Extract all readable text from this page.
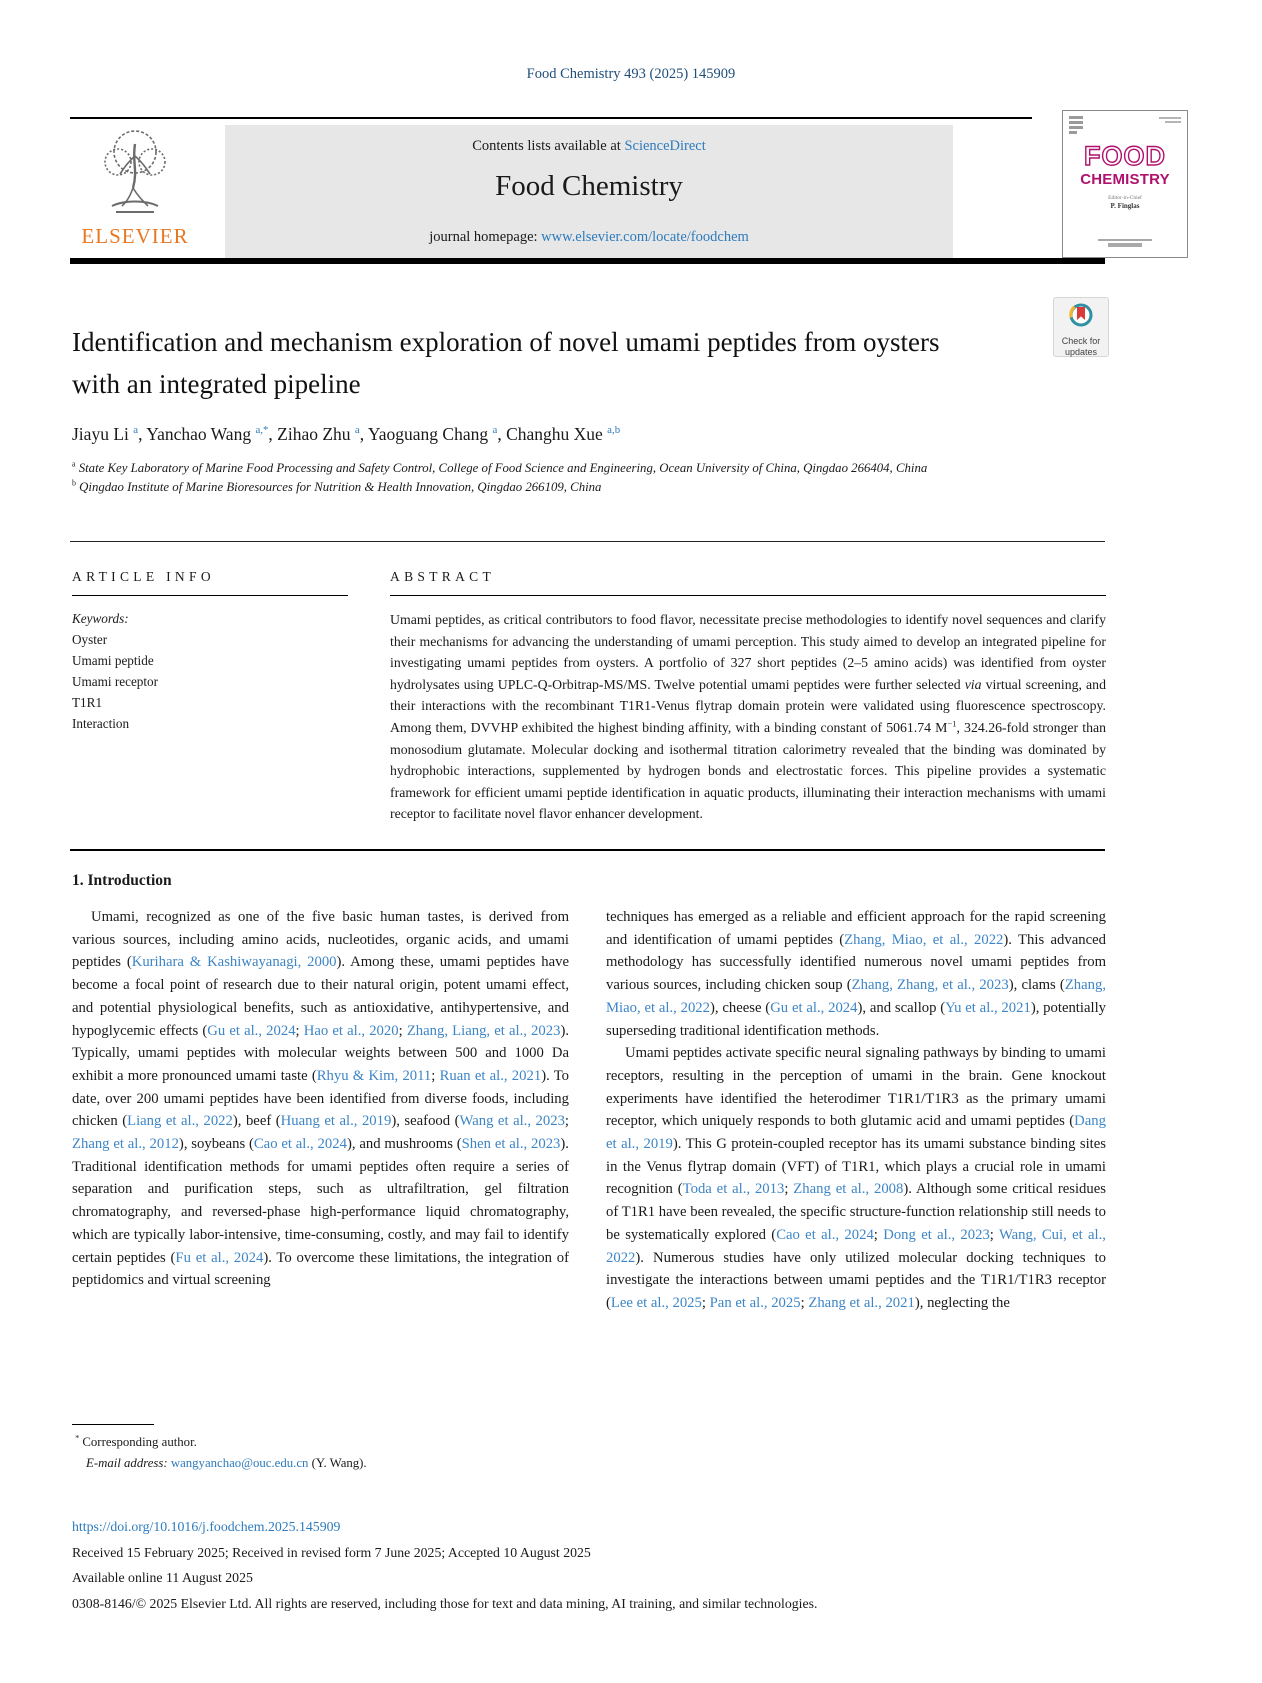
Food Chemistry 493 (2025) 145909
ELSEVIER
Contents lists available at ScienceDirect
Food Chemistry
journal homepage: www.elsevier.com/locate/foodchem
FOOD
CHEMISTRY
Editor-in-Chief
P. Finglas
Identification and mechanism exploration of novel umami peptides from oysters with an integrated pipeline
Check for
updates
Jiayu Li $^a$, Yanchao Wang $^{a,*}$, Zihao Zhu $^a$, Yaoguang Chang $^a$, Changhu Xue $^{a,b}$
$^a$ State Key Laboratory of Marine Food Processing and Safety Control, College of Food Science and Engineering, Ocean University of China, Qingdao 266404, China
$^b$ Qingdao Institute of Marine Bioresources for Nutrition & Health Innovation, Qingdao 266109, China
ARTICLE INFO
Keywords:
Oyster
Umami peptide
Umami receptor
T1R1
Interaction
ABSTRACT
Umami peptides, as critical contributors to food flavor, necessitate precise methodologies to identify novel sequences and clarify their mechanisms for advancing the understanding of umami perception. This study aimed to develop an integrated pipeline for investigating umami peptides from oysters. A portfolio of 327 short peptides (2–5 amino acids) was identified from oyster hydrolysates using UPLC-Q-Orbitrap-MS/MS. Twelve potential umami peptides were further selected via virtual screening, and their interactions with the recombinant T1R1-Venus flytrap domain protein were validated using fluorescence spectroscopy. Among them, DVVHP exhibited the highest binding affinity, with a binding constant of 5061.74 $M^{-1}$, 324.26-fold stronger than monosodium glutamate. Molecular docking and isothermal titration calorimetry revealed that the binding was dominated by hydrophobic interactions, supplemented by hydrogen bonds and electrostatic forces. This pipeline provides a systematic framework for efficient umami peptide identification in aquatic products, illuminating their interaction mechanisms with umami receptor to facilitate novel flavor enhancer development.
1. Introduction
Umami, recognized as one of the five basic human tastes, is derived from various sources, including amino acids, nucleotides, organic acids, and umami peptides (Kurihara & Kashiwayanagi, 2000). Among these, umami peptides have become a focal point of research due to their natural origin, potent umami effect, and potential physiological benefits, such as antioxidative, antihypertensive, and hypoglycemic effects (Gu et al., 2024; Hao et al., 2020; Zhang, Liang, et al., 2023). Typically, umami peptides with molecular weights between 500 and 1000 Da exhibit a more pronounced umami taste (Rhyu & Kim, 2011; Ruan et al., 2021). To date, over 200 umami peptides have been identified from diverse foods, including chicken (Liang et al., 2022), beef (Huang et al., 2019), seafood (Wang et al., 2023; Zhang et al., 2012), soybeans (Cao et al., 2024), and mushrooms (Shen et al., 2023). Traditional identification methods for umami peptides often require a series of separation and purification steps, such as ultrafiltration, gel filtration chromatography, and reversed-phase high-performance liquid chromatography, which are typically labor-intensive, time-consuming, costly, and may fail to identify certain peptides (Fu et al., 2024). To overcome these limitations, the integration of peptidomics and virtual screening
techniques has emerged as a reliable and efficient approach for the rapid screening and identification of umami peptides (Zhang, Miao, et al., 2022). This advanced methodology has successfully identified numerous novel umami peptides from various sources, including chicken soup (Zhang, Zhang, et al., 2023), clams (Zhang, Miao, et al., 2022), cheese (Gu et al., 2024), and scallop (Yu et al., 2021), potentially superseding traditional identification methods.
Umami peptides activate specific neural signaling pathways by binding to umami receptors, resulting in the perception of umami in the brain. Gene knockout experiments have identified the heterodimer T1R1/T1R3 as the primary umami receptor, which uniquely responds to both glutamic acid and umami peptides (Dang et al., 2019). This G protein-coupled receptor has its umami substance binding sites in the Venus flytrap domain (VFT) of T1R1, which plays a crucial role in umami recognition (Toda et al., 2013; Zhang et al., 2008). Although some critical residues of T1R1 have been revealed, the specific structure-function relationship still needs to be systematically explored (Cao et al., 2024; Dong et al., 2023; Wang, Cui, et al., 2022). Numerous studies have only utilized molecular docking techniques to investigate the interactions between umami peptides and the T1R1/T1R3 receptor (Lee et al., 2025; Pan et al., 2025; Zhang et al., 2021), neglecting the
* Corresponding author.
E-mail address: wangyanchao@ouc.edu.cn (Y. Wang).
https://doi.org/10.1016/j.foodchem.2025.145909
Received 15 February 2025; Received in revised form 7 June 2025; Accepted 10 August 2025
Available online 11 August 2025
0308-8146/© 2025 Elsevier Ltd. All rights are reserved, including those for text and data mining, AI training, and similar technologies.
